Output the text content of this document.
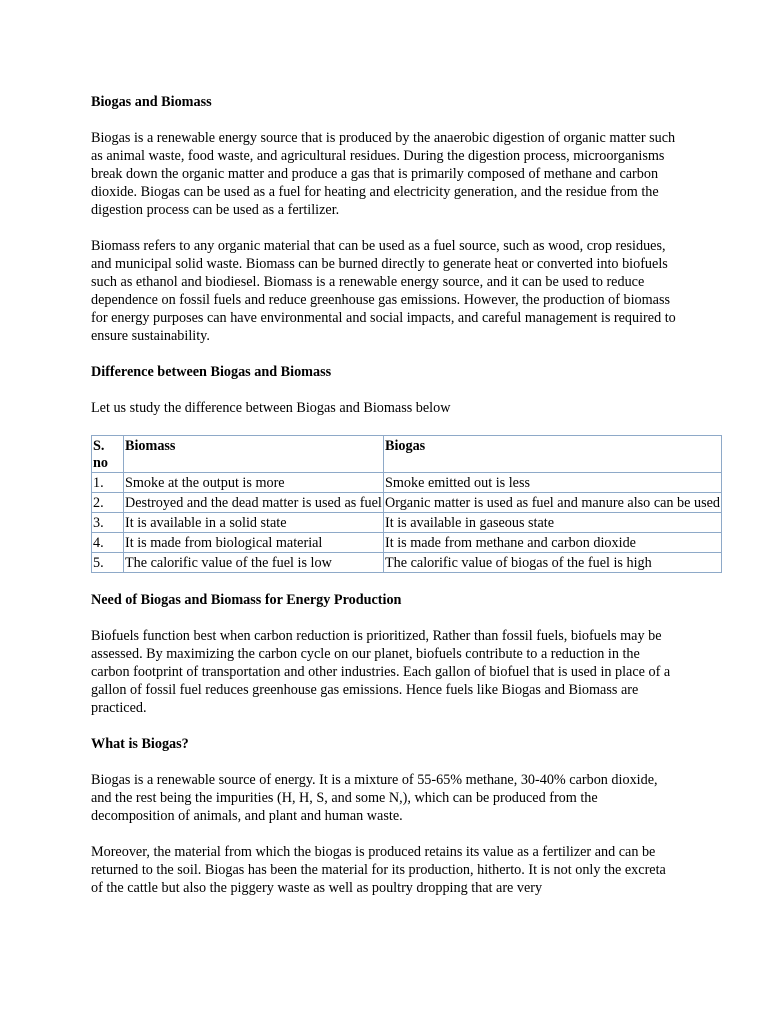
Biogas and Biomass

Biogas is a renewable energy source that is produced by the anaerobic digestion of organic matter such as animal waste, food waste, and agricultural residues. During the digestion process, microorganisms break down the organic matter and produce a gas that is primarily composed of methane and carbon dioxide. Biogas can be used as a fuel for heating and electricity generation, and the residue from the digestion process can be used as a fertilizer.

Biomass refers to any organic material that can be used as a fuel source, such as wood, crop residues, and municipal solid waste. Biomass can be burned directly to generate heat or converted into biofuels such as ethanol and biodiesel. Biomass is a renewable energy source, and it can be used to reduce dependence on fossil fuels and reduce greenhouse gas emissions. However, the production of biomass for energy purposes can have environmental and social impacts, and careful management is required to ensure sustainability.

Difference between Biogas and Biomass

Let us study the difference between Biogas and Biomass below

S. no	Biomass	Biogas
1.	Smoke at the output is more	Smoke emitted out is less
2.	Destroyed and the dead matter is used as fuel	Organic matter is used as fuel and manure also can be used
3.	It is available in a solid state	It is available in gaseous state
4.	It is made from biological material	It is made from methane and carbon dioxide
5.	The calorific value of the fuel is low	The calorific value of biogas of the fuel is high
Need of Biogas and Biomass for Energy Production

Biofuels function best when carbon reduction is prioritized, Rather than fossil fuels, biofuels may be assessed. By maximizing the carbon cycle on our planet, biofuels contribute to a reduction in the carbon footprint of transportation and other industries. Each gallon of biofuel that is used in place of a gallon of fossil fuel reduces greenhouse gas emissions. Hence fuels like Biogas and Biomass are practiced.

What is Biogas?

Biogas is a renewable source of energy. It is a mixture of 55-65% methane, 30-40% carbon dioxide, and the rest being the impurities (H, H, S, and some N,), which can be produced from the decomposition of animals, and plant and human waste.

Moreover, the material from which the biogas is produced retains its value as a fertilizer and can be returned to the soil. Biogas has been the material for its production, hitherto. It is not only the excreta of the cattle but also the piggery waste as well as poultry dropping that are very
